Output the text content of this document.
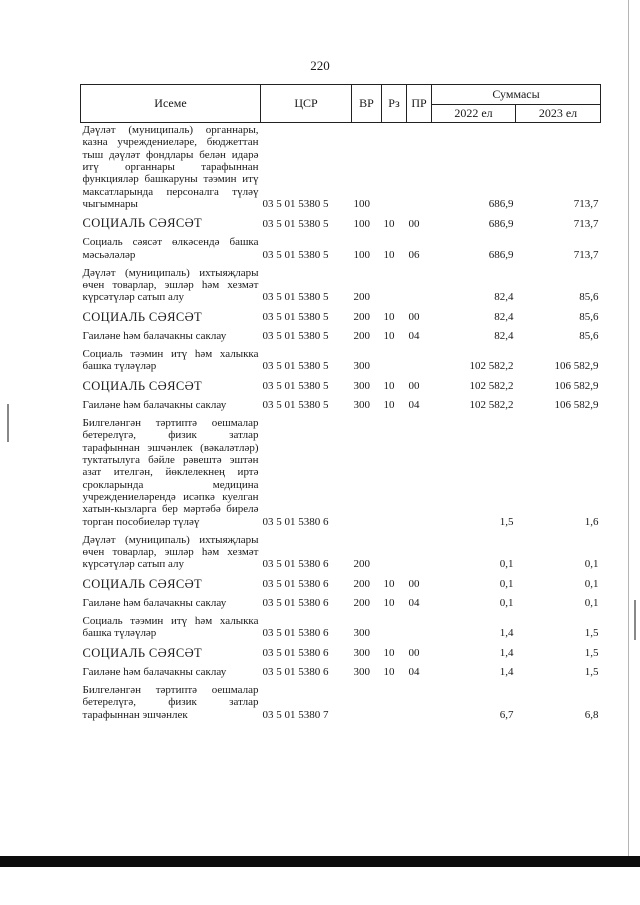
220
Исеме	ЦСР	ВР	Рз	ПР	Суммасы	
					2022 ел	2023 ел
Дәүләт (муниципаль) органнары, казна учреждениеләре, бюджеттан тыш дәүләт фондлары белән идарә итү органнары тарафыннан функцияләр башкаруны тәэмин итү максатларында персоналга түләү чыгымнары	03 5 01 5380 5	100			686,9	713,7

СОЦИАЛЬ СӘЯСӘТ	03 5 01 5380 5	100	10	00	686,9	713,7

Социаль сәясәт өлкәсендә башка мәсьәләләр	03 5 01 5380 5	100	10	06	686,9	713,7

Дәүләт (муниципаль) ихтыяҗлары өчен товарлар, эшләр һәм хезмәт күрсәтүләр сатып алу	03 5 01 5380 5	200			82,4	85,6

СОЦИАЛЬ СӘЯСӘТ	03 5 01 5380 5	200	10	00	82,4	85,6

Гаиләне һәм балачакны саклау	03 5 01 5380 5	200	10	04	82,4	85,6

Социаль тәэмин итү һәм халыкка башка түләүләр	03 5 01 5380 5	300			102 582,2	106 582,9

СОЦИАЛЬ СӘЯСӘТ	03 5 01 5380 5	300	10	00	102 582,2	106 582,9

Гаиләне һәм балачакны саклау	03 5 01 5380 5	300	10	04	102 582,2	106 582,9

Билгеләнгән тәртиптә оешмалар бетерелүгә, физик затлар тарафыннан эшчәнлек (вәкаләтләр) туктатылуга бәйле рәвештә эштән азат ителгән, йөклелекнең иртә срокларында медицина учреждениеләрендә исәпкә куелган хатын-кызларга бер мәртәбә бирелә торган пособиеләр түләү	03 5 01 5380 6				1,5	1,6

Дәүләт (муниципаль) ихтыяҗлары өчен товарлар, эшләр һәм хезмәт күрсәтүләр сатып алу	03 5 01 5380 6	200			0,1	0,1

СОЦИАЛЬ СӘЯСӘТ	03 5 01 5380 6	200	10	00	0,1	0,1

Гаиләне һәм балачакны саклау	03 5 01 5380 6	200	10	04	0,1	0,1

Социаль тәэмин итү һәм халыкка башка түләүләр	03 5 01 5380 6	300			1,4	1,5

СОЦИАЛЬ СӘЯСӘТ	03 5 01 5380 6	300	10	00	1,4	1,5

Гаиләне һәм балачакны саклау	03 5 01 5380 6	300	10	04	1,4	1,5

Билгеләнгән тәртиптә оешмалар бетерелүгә, физик затлар тарафыннан эшчәнлек	03 5 01 5380 7				6,7	6,8
